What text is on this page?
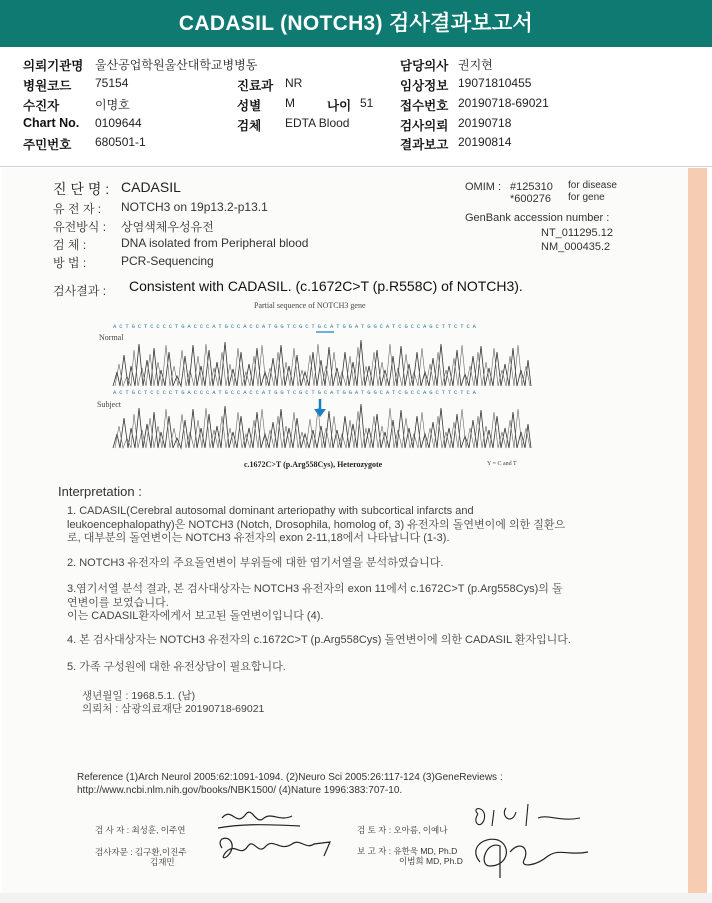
CADASIL (NOTCH3) 검사결과보고서
의뢰기관명 울산공업학원울산대학교병병동
병원코드 75154
수진자	이명호
Chart No. 0109644
주민번호 680501-1
진료과 NR
성별 M	나이 51
검체 EDTA Blood
담당의사 권지현
임상정보 19071810455
접수번호 20190718-69021
검사의뢰 20190718
결과보고 20190814
진 단 명 : CADASIL
유 전 자 : NOTCH3 on 19p13.2-p13.1
유전방식 : 상염색체우성유전
검 체 :	DNA isolated from Peripheral blood
방 법 :	PCR-Sequencing
OMIM : #125310 for disease
*600276 for gene
GenBank accession number :
NT_011295.12
NM_000435.2
검사결과 : Consistent with CADASIL. (c.1672C>T (p.R558C) of NOTCH3).
Partial sequence of NOTCH3 gene
A C T G C T C C C C T G A C C C A T G C C A C C A T G G T C G C T G C A T G G A T G G C A T C G C C A G C T T C T C A
A C T G C T C C C C T G A C C C A T G C C A C C A T G G T C G C T G C A T G G A T G G C A T C G C C A G C T T C T C A
Normal
Subject
c.1672C>T (p.Arg558Cys), Heterozygote	Y = C and T
Interpretation :
1. CADASIL(Cerebral autosomal dominant arteriopathy with subcortical infarcts and
leukoencephalopathy)은 NOTCH3 (Notch, Drosophila, homolog of, 3) 유전자의 돌연변이에 의한 질환으
로, 대부분의 돌연변이는 NOTCH3 유전자의 exon 2-11,18에서 나타납니다 (1-3).
2. NOTCH3 유전자의 주요돌연변이 부위들에 대한 염기서열을 분석하였습니다.
3.염기서열 분석 결과, 본 검사대상자는 NOTCH3 유전자의 exon 11에서 c.1672C>T (p.Arg558Cys)의 돌
연변이를 보였습니다.
이는 CADASIL환자에게서 보고된 돌연변이입니다 (4).
4. 본 검사대상자는 NOTCH3 유전자의 c.1672C>T (p.Arg558Cys) 돌연변이에 의한 CADASIL 환자입니다.
5. 가족 구성원에 대한 유전상담이 필요합니다.
생년월일 : 1968.5.1. (남)
의뢰처 : 삼광의료재단 20190718-69021
Reference (1)Arch Neurol 2005:62:1091-1094. (2)Neuro Sci 2005:26:117-124 (3)GeneReviews :
http://www.ncbi.nlm.nih.gov/books/NBK1500/ (4)Nature 1996:383:707-10.
검 사 자 : 최성훈, 이주연
검사자문 : 김구환,이진주
김재민
검 토 자 : 오아름, 이예나
보 고 자 : 유한욱 MD, Ph.D
이범희 MD, Ph.D
